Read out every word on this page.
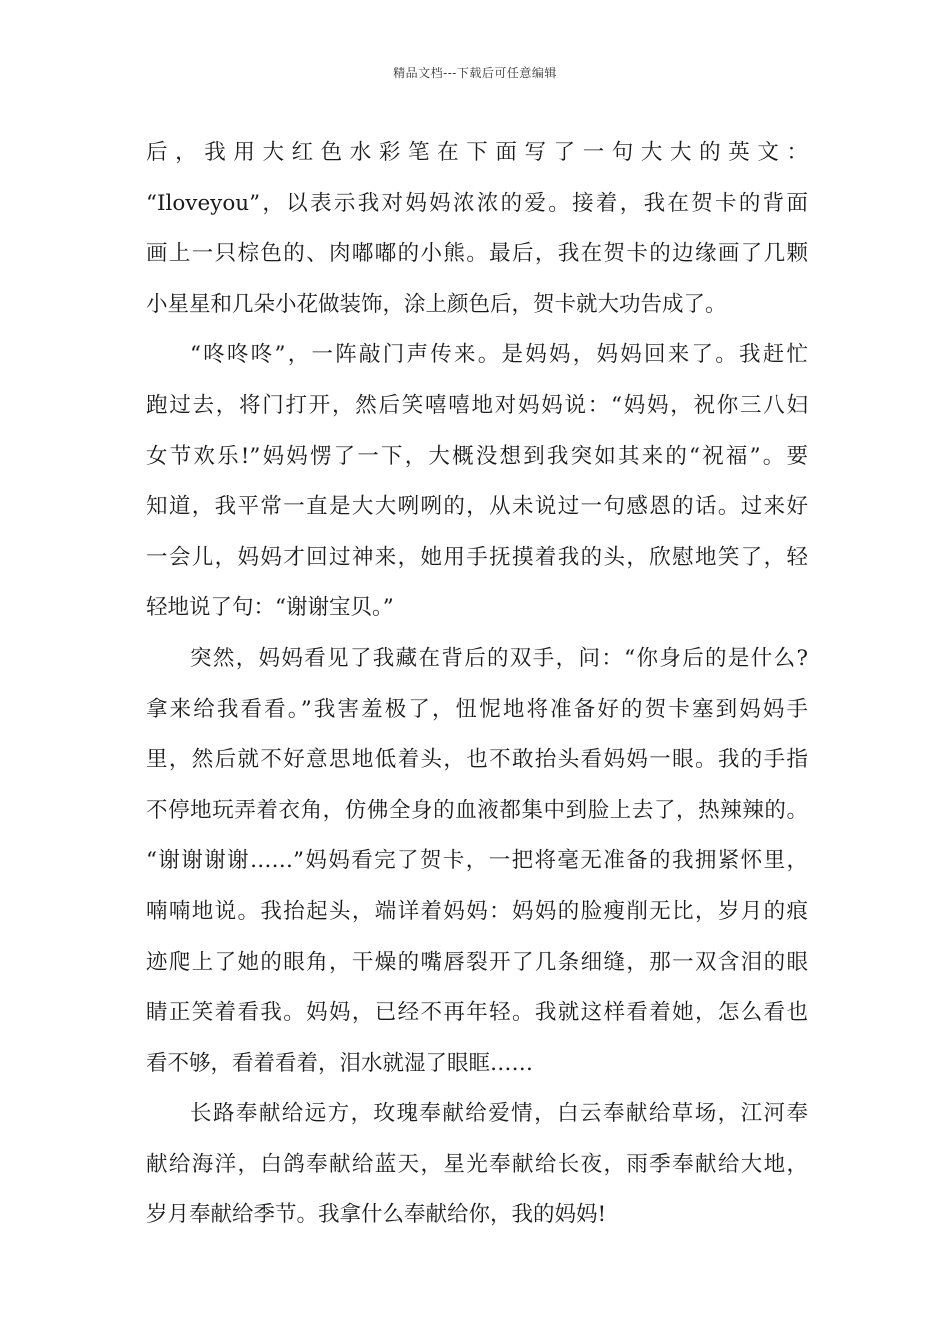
精品文档---下载后可任意编辑
后，我用大红色水彩笔在下面写了一句大大的英文：
“Iloveyou”，以表示我对妈妈浓浓的爱。接着，我在贺卡的背面
画上一只棕色的、肉嘟嘟的小熊。最后，我在贺卡的边缘画了几颗
小星星和几朵小花做装饰，涂上颜色后，贺卡就大功告成了。
“咚咚咚”，一阵敲门声传来。是妈妈，妈妈回来了。我赶忙
跑过去，将门打开，然后笑嘻嘻地对妈妈说：“妈妈，祝你三八妇
女节欢乐!”妈妈愣了一下，大概没想到我突如其来的“祝福”。要
知道，我平常一直是大大咧咧的，从未说过一句感恩的话。过来好
一会儿，妈妈才回过神来，她用手抚摸着我的头，欣慰地笑了，轻
轻地说了句：“谢谢宝贝。”
突然，妈妈看见了我藏在背后的双手，问：“你身后的是什么?
拿来给我看看。”我害羞极了，忸怩地将准备好的贺卡塞到妈妈手
里，然后就不好意思地低着头，也不敢抬头看妈妈一眼。我的手指
不停地玩弄着衣角，仿佛全身的血液都集中到脸上去了，热辣辣的。
“谢谢谢谢……”妈妈看完了贺卡，一把将毫无准备的我拥紧怀里，
喃喃地说。我抬起头，端详着妈妈：妈妈的脸瘦削无比，岁月的痕
迹爬上了她的眼角，干燥的嘴唇裂开了几条细缝，那一双含泪的眼
睛正笑着看我。妈妈，已经不再年轻。我就这样看着她，怎么看也
看不够，看着看着，泪水就湿了眼眶……
长路奉献给远方，玫瑰奉献给爱情，白云奉献给草场，江河奉
献给海洋，白鸽奉献给蓝天，星光奉献给长夜，雨季奉献给大地，
岁月奉献给季节。我拿什么奉献给你，我的妈妈!
